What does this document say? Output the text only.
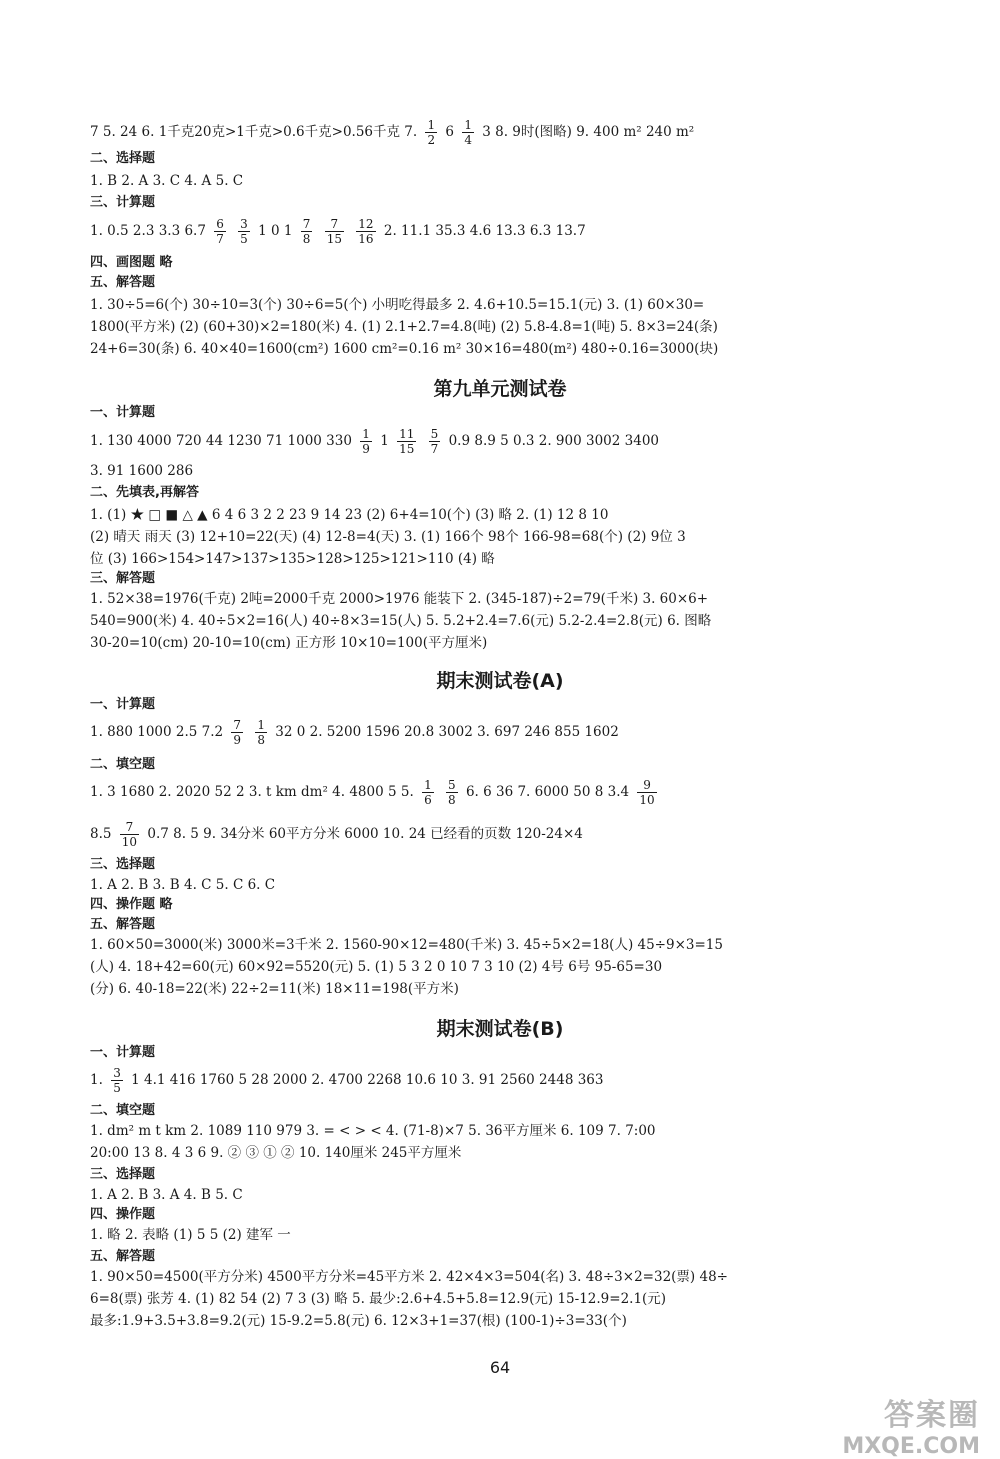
7 5. 24 6. 1千克20克>1千克>0.6千克>0.56千克 7. $\frac{1}{2} 6 \frac{1}{4} 3$ 8. 9时(图略) 9. 400 m² 240 m²
二、选择题
1. B 2. A 3. C 4. A 5. C
三、计算题
1. 0.5 2.3 3.3 $6.7 \frac{6}{7}$
$\frac{3}{5} 1$ 0 $1 \frac{7}{8}$
$\frac{7}{15}$
$\frac{12}{16} 2$. 11.1 35.3 4.6 13.3 6.3 13.7
四、画图题 略
五、解答题
1. 30÷5=6(个) 30÷10=3(个) 30÷6=5(个) 小明吃得最多 2. 4.6+10.5=15.1(元) 3. (1) 60×30=
1800(平方米) (2) (60+30)×2=180(米) 4. (1) 2.1+2.7=4.8(吨) (2) 5.8-4.8=1(吨) 5. 8×3=24(条)
24+6=30(条) 6. 40×40=1600(cm²) 1600 cm²=0.16 m² 30×16=480(m²) 480÷0.16=3000(块)
第九单元测试卷
一、计算题
1. 130 4000 720 44 1230 71 1000 $330 \frac{1}{9} 1 \frac{11}{15}$
$\frac{5}{7} 0.9$ 8.9 5 0.3 2. 900 3002 3400
3. 91 1600 286
二、先填表,再解答
1. (1) ★ □ ■ △ ▲ 6 4 6 3 2 2 23 9 14 23 (2) 6+4=10(个) (3) 略 2. (1) 12 8 10
(2) 晴天 雨天 (3) 12+10=22(天) (4) 12-8=4(天) 3. (1) 166个 98个 166-98=68(个) (2) 9位 3
位 (3) 166>154>147>137>135>128>125>121>110 (4) 略
三、解答题
1. 52×38=1976(千克) 2吨=2000千克 2000>1976 能装下 2. (345-187)÷2=79(千米) 3. 60×6+
540=900(米) 4. 40÷5×2=16(人) 40÷8×3=15(人) 5. 5.2+2.4=7.6(元) 5.2-2.4=2.8(元) 6. 图略
30-20=10(cm) 20-10=10(cm) 正方形 10×10=100(平方厘米)
期末测试卷(A)
一、计算题
1. 880 1000 2.5 $7.2 \frac{7}{9}$
$\frac{1}{8} 32$ 0 2. 5200 1596 20.8 3002 3. 697 246 855 1602
二、填空题
1. 3 1680 2. 2020 52 2 3. t km dm² 4. 4800 5 5. $\frac{1}{6}$
$\frac{5}{8} 6$. 6 36 7. 6000 50 8 $3.4 \frac{9}{10}$
$8.5 \frac{7}{10} 0.7$ 8. 5 9. 34分米 60平方分米 6000 10. 24 已经看的页数 120-24×4
三、选择题
1. A 2. B 3. B 4. C 5. C 6. C
四、操作题 略
五、解答题
1. 60×50=3000(米) 3000米=3千米 2. 1560-90×12=480(千米) 3. 45÷5×2=18(人) 45÷9×3=15
(人) 4. 18+42=60(元) 60×92=5520(元) 5. (1) 5 3 2 0 10 7 3 10 (2) 4号 6号 95-65=30
(分) 6. 40-18=22(米) 22÷2=11(米) 18×11=198(平方米)
期末测试卷(B)
一、计算题
1. $\frac{3}{5} 1$ 4.1 416 1760 5 28 2000 2. 4700 2268 10.6 10 3. 91 2560 2448 363
二、填空题
1. dm² m t km 2. 1089 110 979 3. = < > < 4. (71-8)×7 5. 36平方厘米 6. 109 7. 7:00
20:00 13 8. 4 3 6 9. ② ③ ① ② 10. 140厘米 245平方厘米
三、选择题
1. A 2. B 3. A 4. B 5. C
四、操作题
1. 略 2. 表略 (1) 5 5 (2) 建军 一
五、解答题
1. 90×50=4500(平方分米) 4500平方分米=45平方米 2. 42×4×3=504(名) 3. 48÷3×2=32(票) 48÷
6=8(票) 张芳 4. (1) 82 54 (2) 7 3 (3) 略 5. 最少:2.6+4.5+5.8=12.9(元) 15-12.9=2.1(元)
最多:1.9+3.5+3.8=9.2(元) 15-9.2=5.8(元) 6. 12×3+1=37(根) (100-1)÷3=33(个)
64
答案圈
MXQE.COM
